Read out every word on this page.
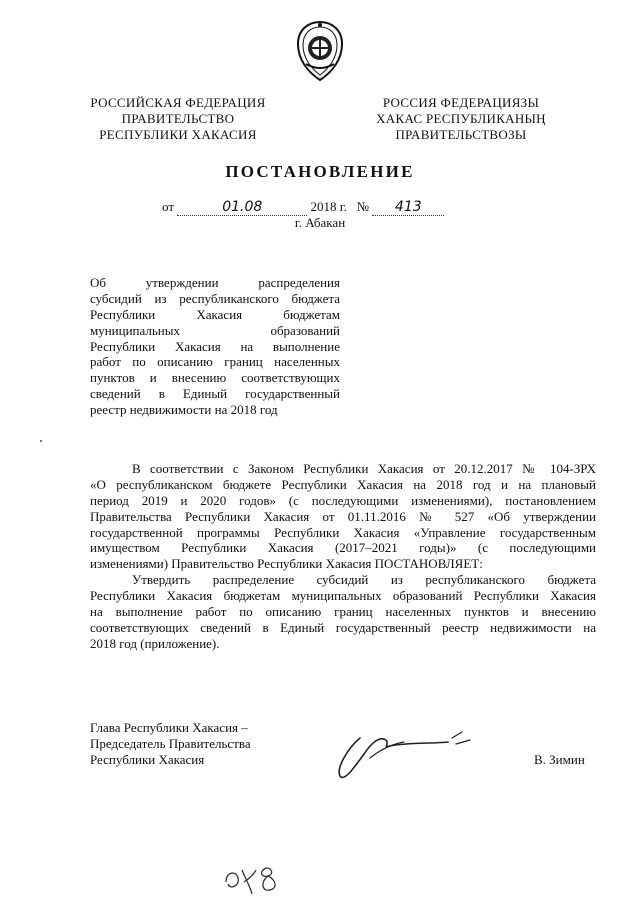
РОССИЙСКАЯ ФЕДЕРАЦИЯ
ПРАВИТЕЛЬСТВО
РЕСПУБЛИКИ ХАКАСИЯ
РОССИЯ ФЕДЕРАЦИЯЗЫ
ХАКАС РЕСПУБЛИКАНЫҢ
ПРАВИТЕЛЬСТВОЗЫ
ПОСТАНОВЛЕНИЕ
от	01.08	2018 г. № 413
г. Абакан
Об утверждении распределения
субсидий из республиканского бюджета
Республики Хакасия бюджетам
муниципальных образований
Республики Хакасия на выполнение
работ по описанию границ населенных
пунктов и внесению соответствующих
сведений в Единый государственный
реестр недвижимости на 2018 год
В соответствии с Законом Республики Хакасия от 20.12.2017 № 104-ЗРХ
«О республиканском бюджете Республики Хакасия на 2018 год и на плановый
период 2019 и 2020 годов» (с последующими изменениями), постановлением
Правительства Республики Хакасия от 01.11.2016 № 527 «Об утверждении
государственной программы Республики Хакасия «Управление государственным
имуществом Республики Хакасия (2017–2021 годы)» (с последующими
изменениями) Правительство Республики Хакасия ПОСТАНОВЛЯЕТ:
Утвердить распределение субсидий из республиканского бюджета
Республики Хакасия бюджетам муниципальных образований Республики Хакасия
на выполнение работ по описанию границ населенных пунктов и внесению
соответствующих сведений в Единый государственный реестр недвижимости на
2018 год (приложение).
Глава Республики Хакасия –
Председатель Правительства
Республики Хакасия	В. Зимин
